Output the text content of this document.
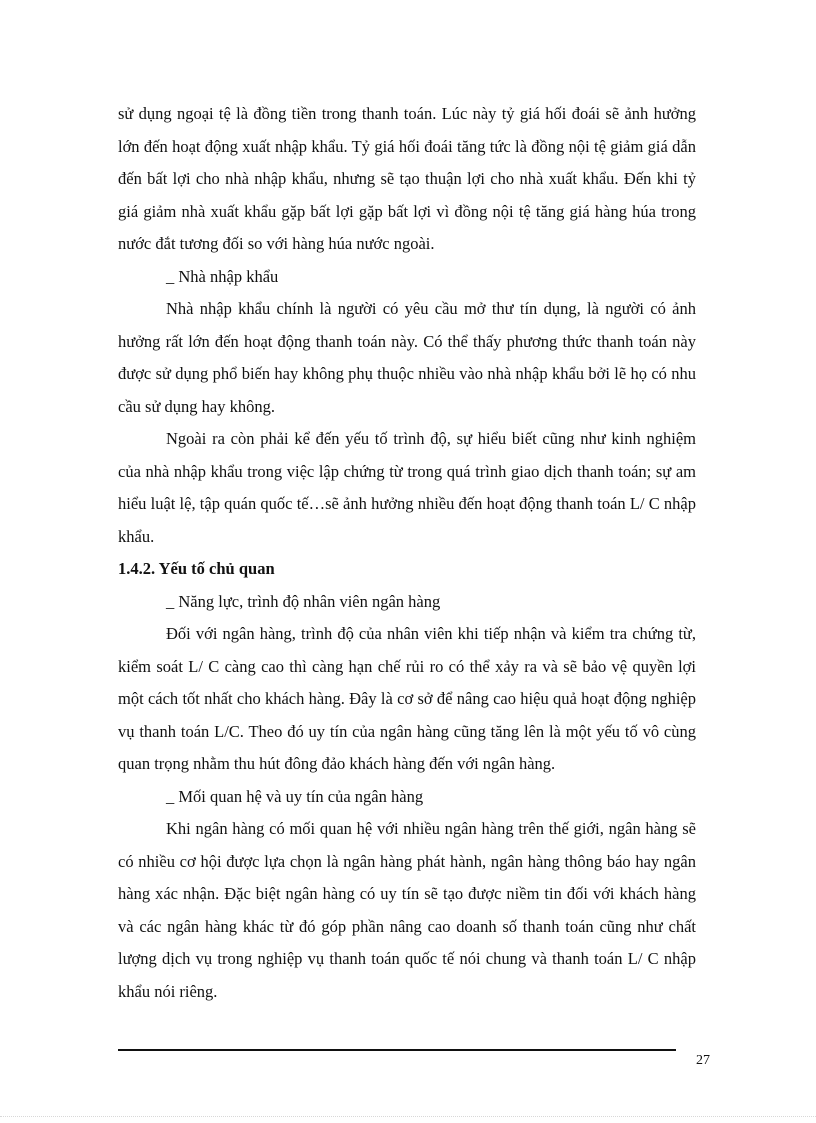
sử dụng ngoại tệ là đồng tiền trong thanh toán. Lúc này tỷ giá hối đoái sẽ ảnh hưởng lớn đến hoạt động xuất nhập khẩu. Tỷ giá hối đoái tăng tức là đồng nội tệ giảm giá dẫn đến bất lợi cho nhà nhập khẩu, nhưng sẽ tạo thuận lợi cho nhà xuất khẩu. Đến khi tỷ giá giảm nhà xuất khẩu gặp bất lợi gặp bất lợi vì đồng nội tệ tăng giá hàng húa trong nước đắt tương đối so với hàng húa nước ngoài.

_ Nhà nhập khẩu

Nhà nhập khẩu chính là người có yêu cầu mở thư tín dụng, là người có ảnh hưởng rất lớn đến hoạt động thanh toán này. Có thể thấy phương thức thanh toán này được sử dụng phổ biến hay không phụ thuộc nhiều vào nhà nhập khẩu bởi lẽ họ có nhu cầu sử dụng hay không.

Ngoài ra còn phải kể đến yếu tố trình độ, sự hiểu biết cũng như kinh nghiệm của nhà nhập khẩu trong việc lập chứng từ trong quá trình giao dịch thanh toán; sự am hiểu luật lệ, tập quán quốc tế…sẽ ảnh hưởng nhiều đến hoạt động thanh toán L/ C nhập khẩu.

1.4.2. Yếu tố chủ quan

_ Năng lực, trình độ nhân viên ngân hàng

Đối với ngân hàng, trình độ của nhân viên khi tiếp nhận và kiểm tra chứng từ, kiểm soát L/ C càng cao thì càng hạn chế rủi ro có thể xảy ra và sẽ bảo vệ quyền lợi một cách tốt nhất cho khách hàng. Đây là cơ sở để nâng cao hiệu quả hoạt động nghiệp vụ thanh toán L/C. Theo đó uy tín của ngân hàng cũng tăng lên là một yếu tố vô cùng quan trọng nhằm thu hút đông đảo khách hàng đến với ngân hàng.

_ Mối quan hệ và uy tín của ngân hàng

Khi ngân hàng có mối quan hệ với nhiều ngân hàng trên thế giới, ngân hàng sẽ có nhiều cơ hội được lựa chọn là ngân hàng phát hành, ngân hàng thông báo hay ngân hàng xác nhận. Đặc biệt ngân hàng có uy tín sẽ tạo được niềm tin đối với khách hàng và các ngân hàng khác từ đó góp phần nâng cao doanh số thanh toán cũng như chất lượng dịch vụ trong nghiệp vụ thanh toán quốc tế nói chung và thanh toán L/ C nhập khẩu nói riêng.

27
